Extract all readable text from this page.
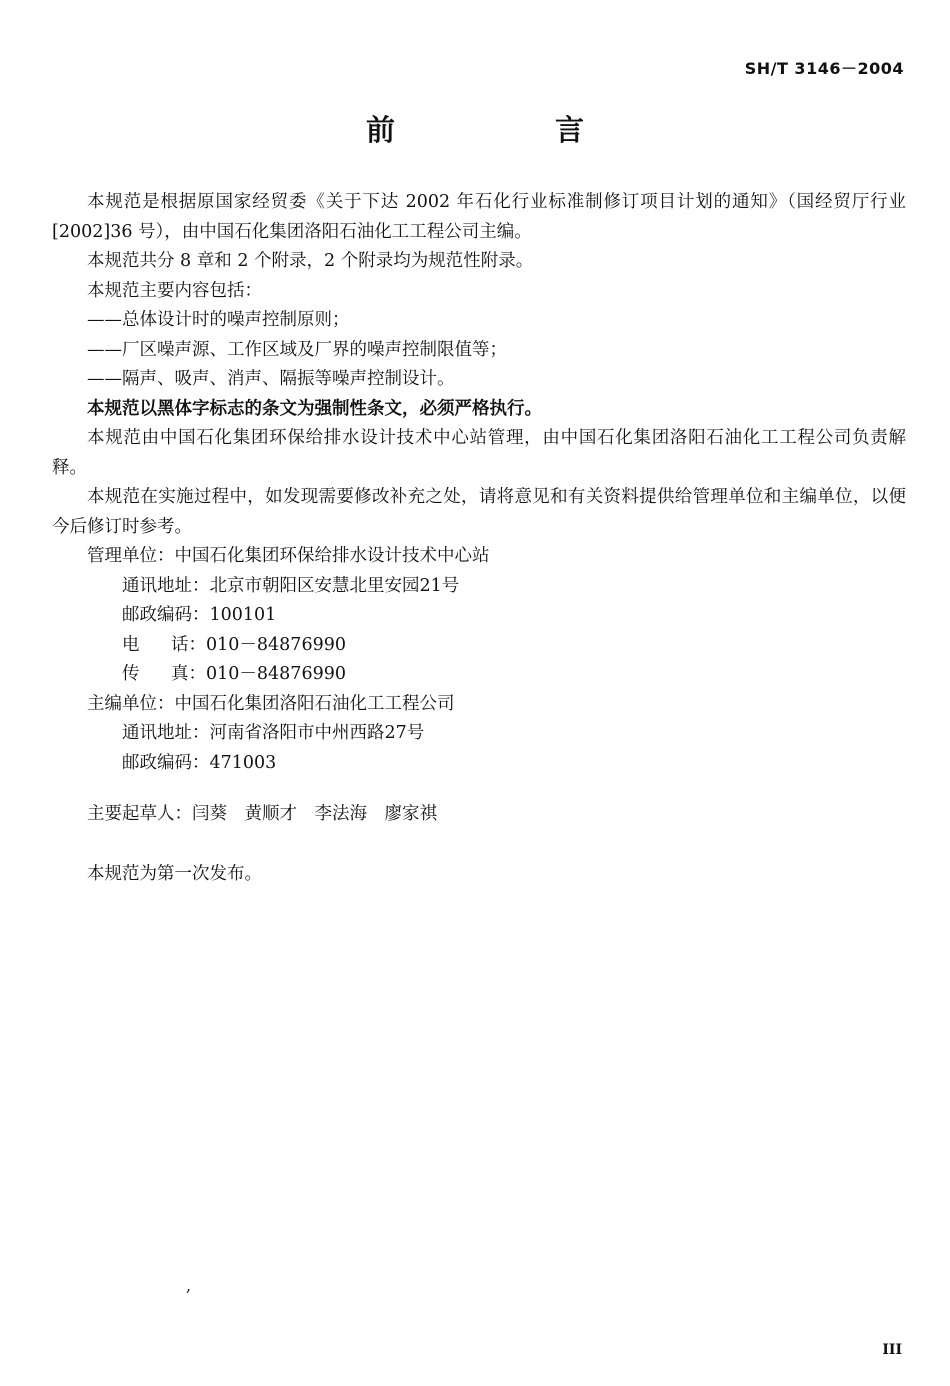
SH/T 3146－2004
前	言

本规范是根据原国家经贸委《关于下达 2002 年石化行业标准制修订项目计划的通知》（国经贸厅行业[2002]36 号），由中国石化集团洛阳石油化工工程公司主编。

本规范共分 8 章和 2 个附录，2 个附录均为规范性附录。

本规范主要内容包括：

——总体设计时的噪声控制原则；

——厂区噪声源、工作区域及厂界的噪声控制限值等；

——隔声、吸声、消声、隔振等噪声控制设计。

本规范以黑体字标志的条文为强制性条文，必须严格执行。

本规范由中国石化集团环保给排水设计技术中心站管理，由中国石化集团洛阳石油化工工程公司负责解释。

本规范在实施过程中，如发现需要修改补充之处，请将意见和有关资料提供给管理单位和主编单位，以便今后修订时参考。

管理单位：中国石化集团环保给排水设计技术中心站

通讯地址：北京市朝阳区安慧北里安园21号

邮政编码：100101

电话：010－84876990

传真：010－84876990

主编单位：中国石化集团洛阳石油化工工程公司

通讯地址：河南省洛阳市中州西路27号

邮政编码：471003

主要起草人：闫葵　黄顺才　李法海　廖家祺

本规范为第一次发布。

,
III
